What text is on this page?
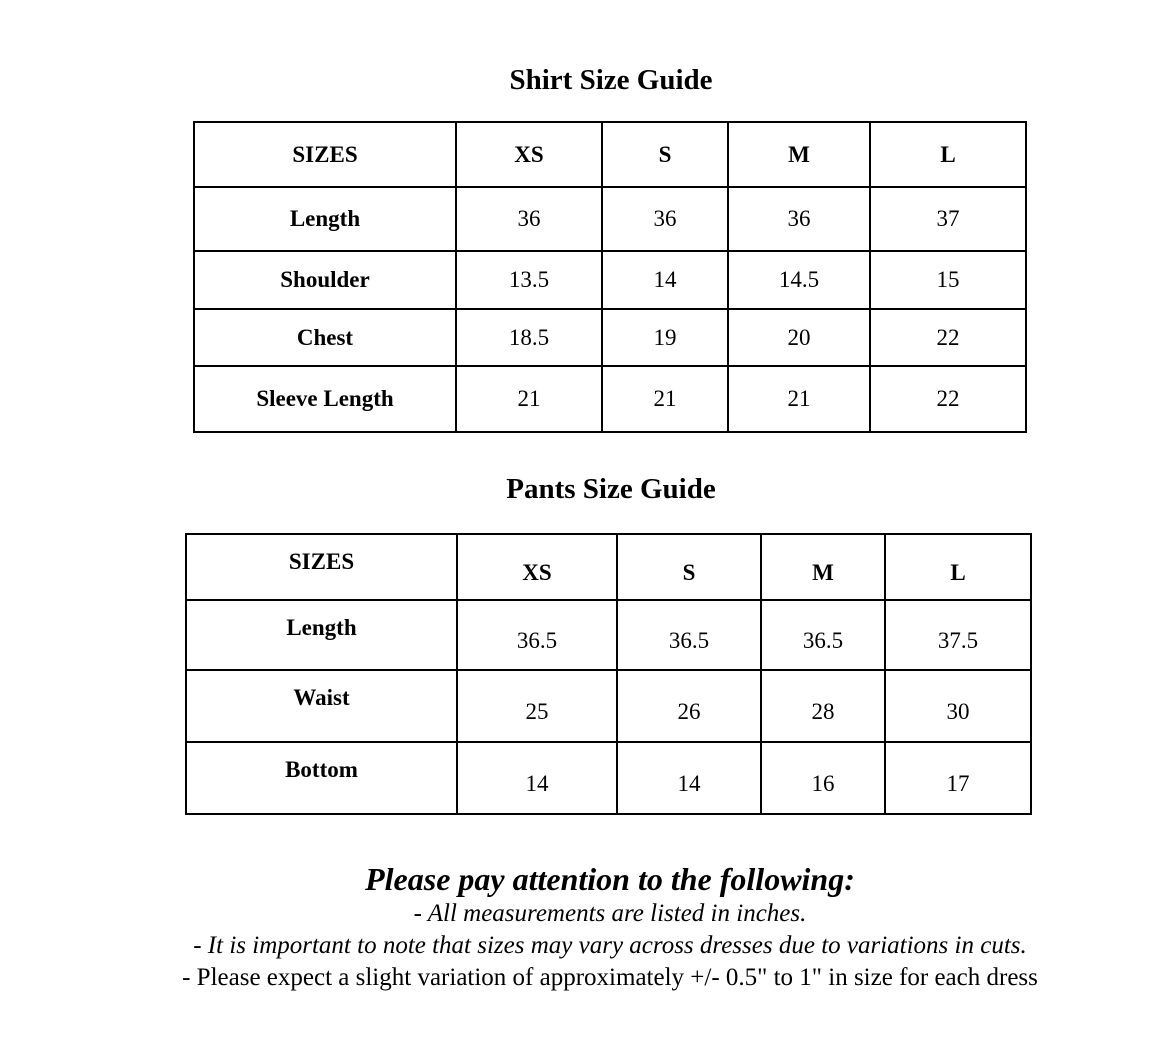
Shirt Size Guide
SIZES	XS	S	M	L
Length	36	36	36	37
Shoulder	13.5	14	14.5	15
Chest	18.5	19	20	22
Sleeve Length	21	21	21	22
Pants Size Guide
SIZES	XS	S	M	L
Length	36.5	36.5	36.5	37.5
Waist	25	26	28	30
Bottom	14	14	16	17
Please pay attention to the following:
- All measurements are listed in inches.
- It is important to note that sizes may vary across dresses due to variations in cuts.
- Please expect a slight variation of approximately +/- 0.5" to 1" in size for each dress
